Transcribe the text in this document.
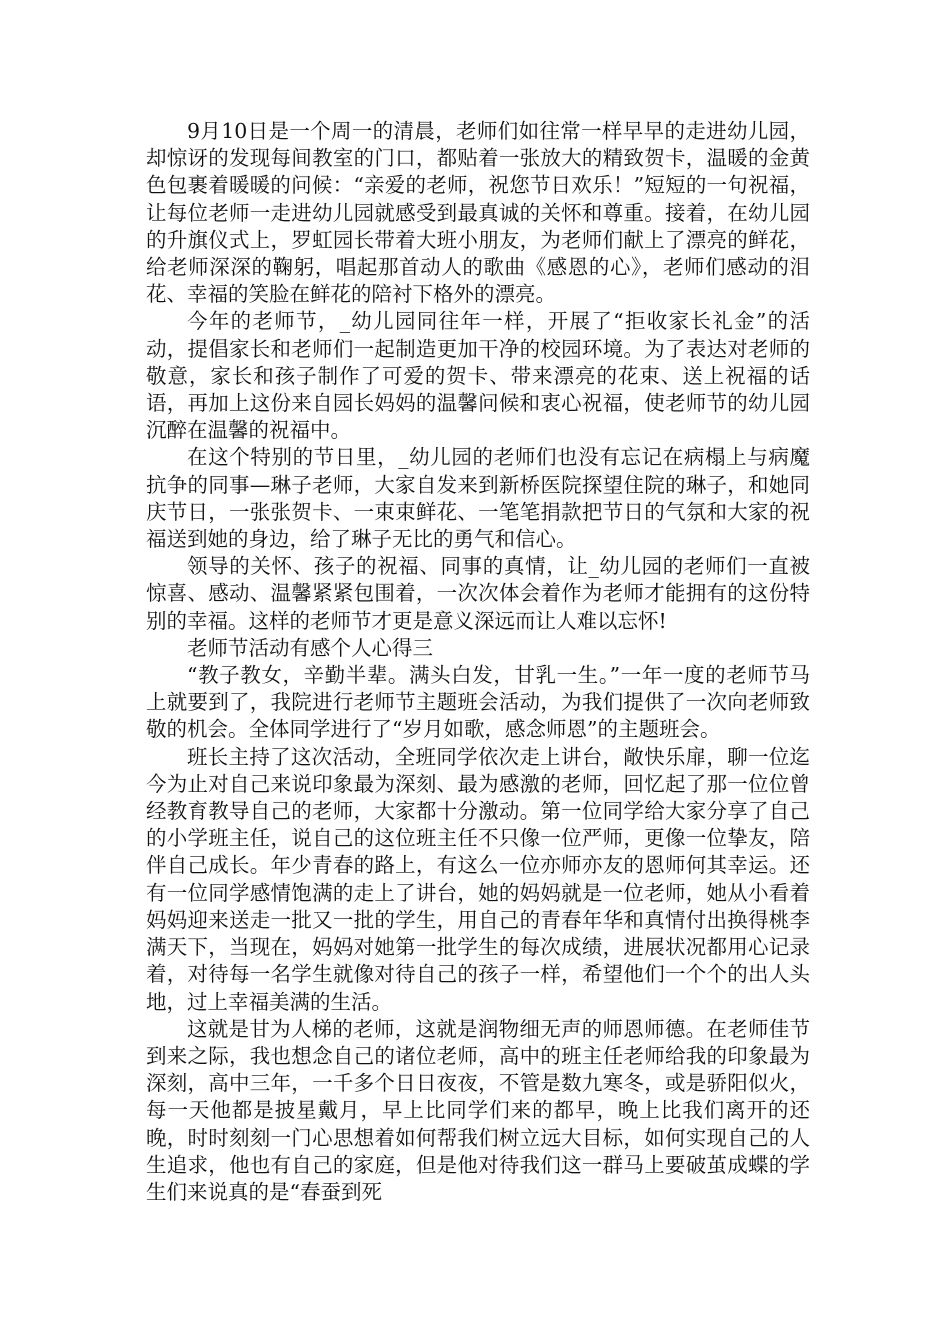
9月10日是一个周一的清晨，老师们如往常一样早早的走进幼儿园，却惊讶的发现每间教室的门口，都贴着一张放大的精致贺卡，温暖的金黄色包裹着暖暖的问候：“亲爱的老师，祝您节日欢乐！”短短的一句祝福，让每位老师一走进幼儿园就感受到最真诚的关怀和尊重。接着，在幼儿园的升旗仪式上，罗虹园长带着大班小朋友，为老师们献上了漂亮的鲜花，给老师深深的鞠躬，唱起那首动人的歌曲《感恩的心》，老师们感动的泪花、幸福的笑脸在鲜花的陪衬下格外的漂亮。

今年的老师节，_幼儿园同往年一样，开展了“拒收家长礼金”的活动，提倡家长和老师们一起制造更加干净的校园环境。为了表达对老师的敬意，家长和孩子制作了可爱的贺卡、带来漂亮的花束、送上祝福的话语，再加上这份来自园长妈妈的温馨问候和衷心祝福，使老师节的幼儿园沉醉在温馨的祝福中。

在这个特别的节日里，_幼儿园的老师们也没有忘记在病榻上与病魔抗争的同事—琳子老师，大家自发来到新桥医院探望住院的琳子，和她同庆节日，一张张贺卡、一束束鲜花、一笔笔捐款把节日的气氛和大家的祝福送到她的身边，给了琳子无比的勇气和信心。

领导的关怀、孩子的祝福、同事的真情，让_幼儿园的老师们一直被惊喜、感动、温馨紧紧包围着，一次次体会着作为老师才能拥有的这份特别的幸福。这样的老师节才更是意义深远而让人难以忘怀!

老师节活动有感个人心得三

“教子教女，辛勤半辈。满头白发，甘乳一生。”一年一度的老师节马上就要到了，我院进行老师节主题班会活动，为我们提供了一次向老师致敬的机会。全体同学进行了“岁月如歌，感念师恩”的主题班会。

班长主持了这次活动，全班同学依次走上讲台，敞快乐扉，聊一位迄今为止对自己来说印象最为深刻、最为感激的老师，回忆起了那一位位曾经教育教导自己的老师，大家都十分激动。第一位同学给大家分享了自己的小学班主任，说自己的这位班主任不只像一位严师，更像一位挚友，陪伴自己成长。年少青春的路上，有这么一位亦师亦友的恩师何其幸运。还有一位同学感情饱满的走上了讲台，她的妈妈就是一位老师，她从小看着妈妈迎来送走一批又一批的学生，用自己的青春年华和真情付出换得桃李满天下，当现在，妈妈对她第一批学生的每次成绩，进展状况都用心记录着，对待每一名学生就像对待自己的孩子一样，希望他们一个个的出人头地，过上幸福美满的生活。

这就是甘为人梯的老师，这就是润物细无声的师恩师德。在老师佳节到来之际，我也想念自己的诸位老师，高中的班主任老师给我的印象最为深刻，高中三年，一千多个日日夜夜，不管是数九寒冬，或是骄阳似火，每一天他都是披星戴月，早上比同学们来的都早，晚上比我们离开的还晚，时时刻刻一门心思想着如何帮我们树立远大目标，如何实现自己的人生追求，他也有自己的家庭，但是他对待我们这一群马上要破茧成蝶的学生们来说真的是“春蚕到死
